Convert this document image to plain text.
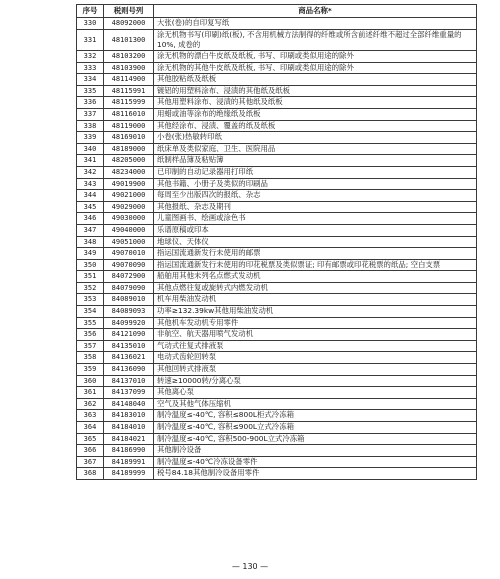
序号	税则号列	商品名称*
330	48092000	大张(卷)的自印复写纸
331	48101300	涂无机物书写(印刷)纸(板), 不含用机械方法制得的纤维或所含前述纤维不超过全部纤维重量的10%, 成卷的
332	48103200	涂无机物的漂白牛皮纸及纸板, 书写、印刷或类似用途的除外
333	48103900	涂无机物的其他牛皮纸及纸板, 书写、印刷或类似用途的除外
334	48114900	其他胶粘纸及纸板
335	48115991	镀铝的用塑料涂布、浸渍的其他纸及纸板
336	48115999	其他用塑料涂布、浸渍的其他纸及纸板
337	48116010	用蜡或油等涂布的绝缘纸及纸板
338	48119000	其他经涂布、浸渍、覆盖的纸及纸板
339	48169010	小卷(张)热敏转印纸
340	48189000	纸床单及类似家庭、卫生、医院用品
341	48205000	纸制样品簿及粘贴簿
342	48234000	已印制的自动记录器用打印纸
343	49019900	其他书籍、小册子及类似的印刷品
344	49021000	每周至少出版四次的报纸、杂志
345	49029000	其他报纸、杂志及期刊
346	49030000	儿童图画书、绘画或涂色书
347	49040000	乐谱原稿或印本
348	49051000	地球仪、天体仪
349	49070010	指运国流通新发行未使用的邮票
350	49070090	指运国流通新发行未使用的印花税票及类似票证; 印有邮票或印花税票的纸品; 空白支票
351	84072900	船舶用其他未列名点燃式发动机
352	84079090	其他点燃往复或旋转式内燃发动机
353	84089010	机车用柴油发动机
354	84089093	功率≥132.39kw其他用柴油发动机
355	84099920	其他机车发动机专用零件
356	84121090	非航空、航天器用喷气发动机
357	84135010	气动式往复式排液泵
358	84136021	电动式齿轮回转泵
359	84136090	其他回转式排液泵
360	84137010	转速≥10000转/分离心泵
361	84137099	其他离心泵
362	84148040	空气及其他气体压缩机
363	84183010	制冷温度≤-40℃, 容积≤800L柜式冷冻箱
364	84184010	制冷温度≤-40℃, 容积≤900L立式冷冻箱
365	84184021	制冷温度≤-40℃, 容积500-900L立式冷冻箱
366	84186990	其他制冷设备
367	84189991	制冷温度≤-40℃冷冻设备零件
368	84189999	税号84.18其他制冷设备用零件
— 130 —
